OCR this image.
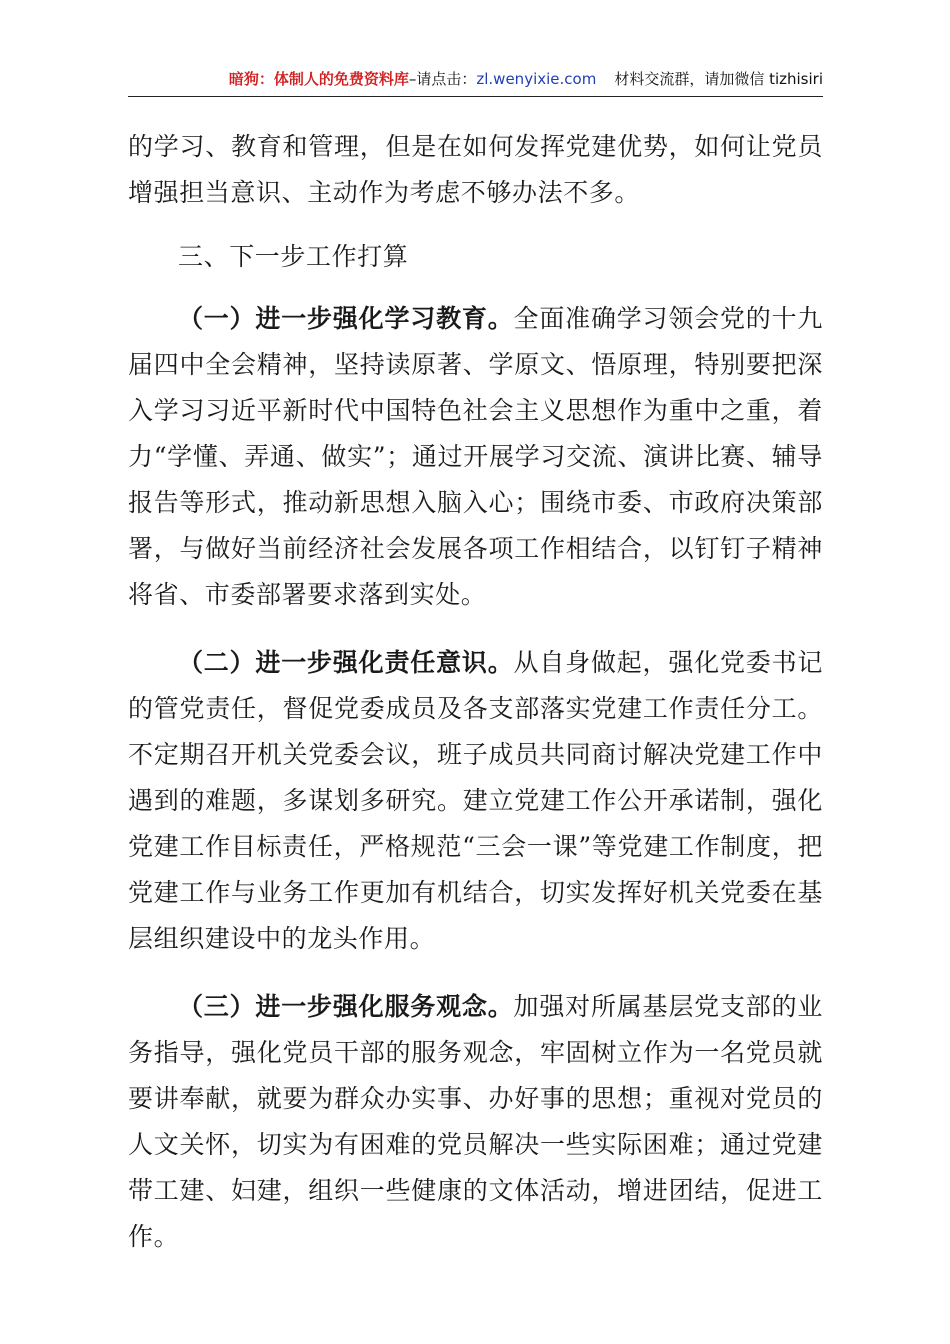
暗狗：体制人的免费资料库–请点击：zl.wenyixie.com 材料交流群，请加微信 tizhisiri

的学习、教育和管理，但是在如何发挥党建优势，如何让党员增强担当意识、主动作为考虑不够办法不多。

三、下一步工作打算

（一）进一步强化学习教育。全面准确学习领会党的十九届四中全会精神，坚持读原著、学原文、悟原理，特别要把深入学习习近平新时代中国特色社会主义思想作为重中之重，着力“学懂、弄通、做实”；通过开展学习交流、演讲比赛、辅导报告等形式，推动新思想入脑入心；围绕市委、市政府决策部署，与做好当前经济社会发展各项工作相结合，以钉钉子精神将省、市委部署要求落到实处。

（二）进一步强化责任意识。从自身做起，强化党委书记的管党责任，督促党委成员及各支部落实党建工作责任分工。不定期召开机关党委会议，班子成员共同商讨解决党建工作中遇到的难题，多谋划多研究。建立党建工作公开承诺制，强化党建工作目标责任，严格规范“三会一课”等党建工作制度，把党建工作与业务工作更加有机结合，切实发挥好机关党委在基层组织建设中的龙头作用。

（三）进一步强化服务观念。加强对所属基层党支部的业务指导，强化党员干部的服务观念，牢固树立作为一名党员就要讲奉献，就要为群众办实事、办好事的思想；重视对党员的人文关怀，切实为有困难的党员解决一些实际困难；通过党建带工建、妇建，组织一些健康的文体活动，增进团结，促进工作。
